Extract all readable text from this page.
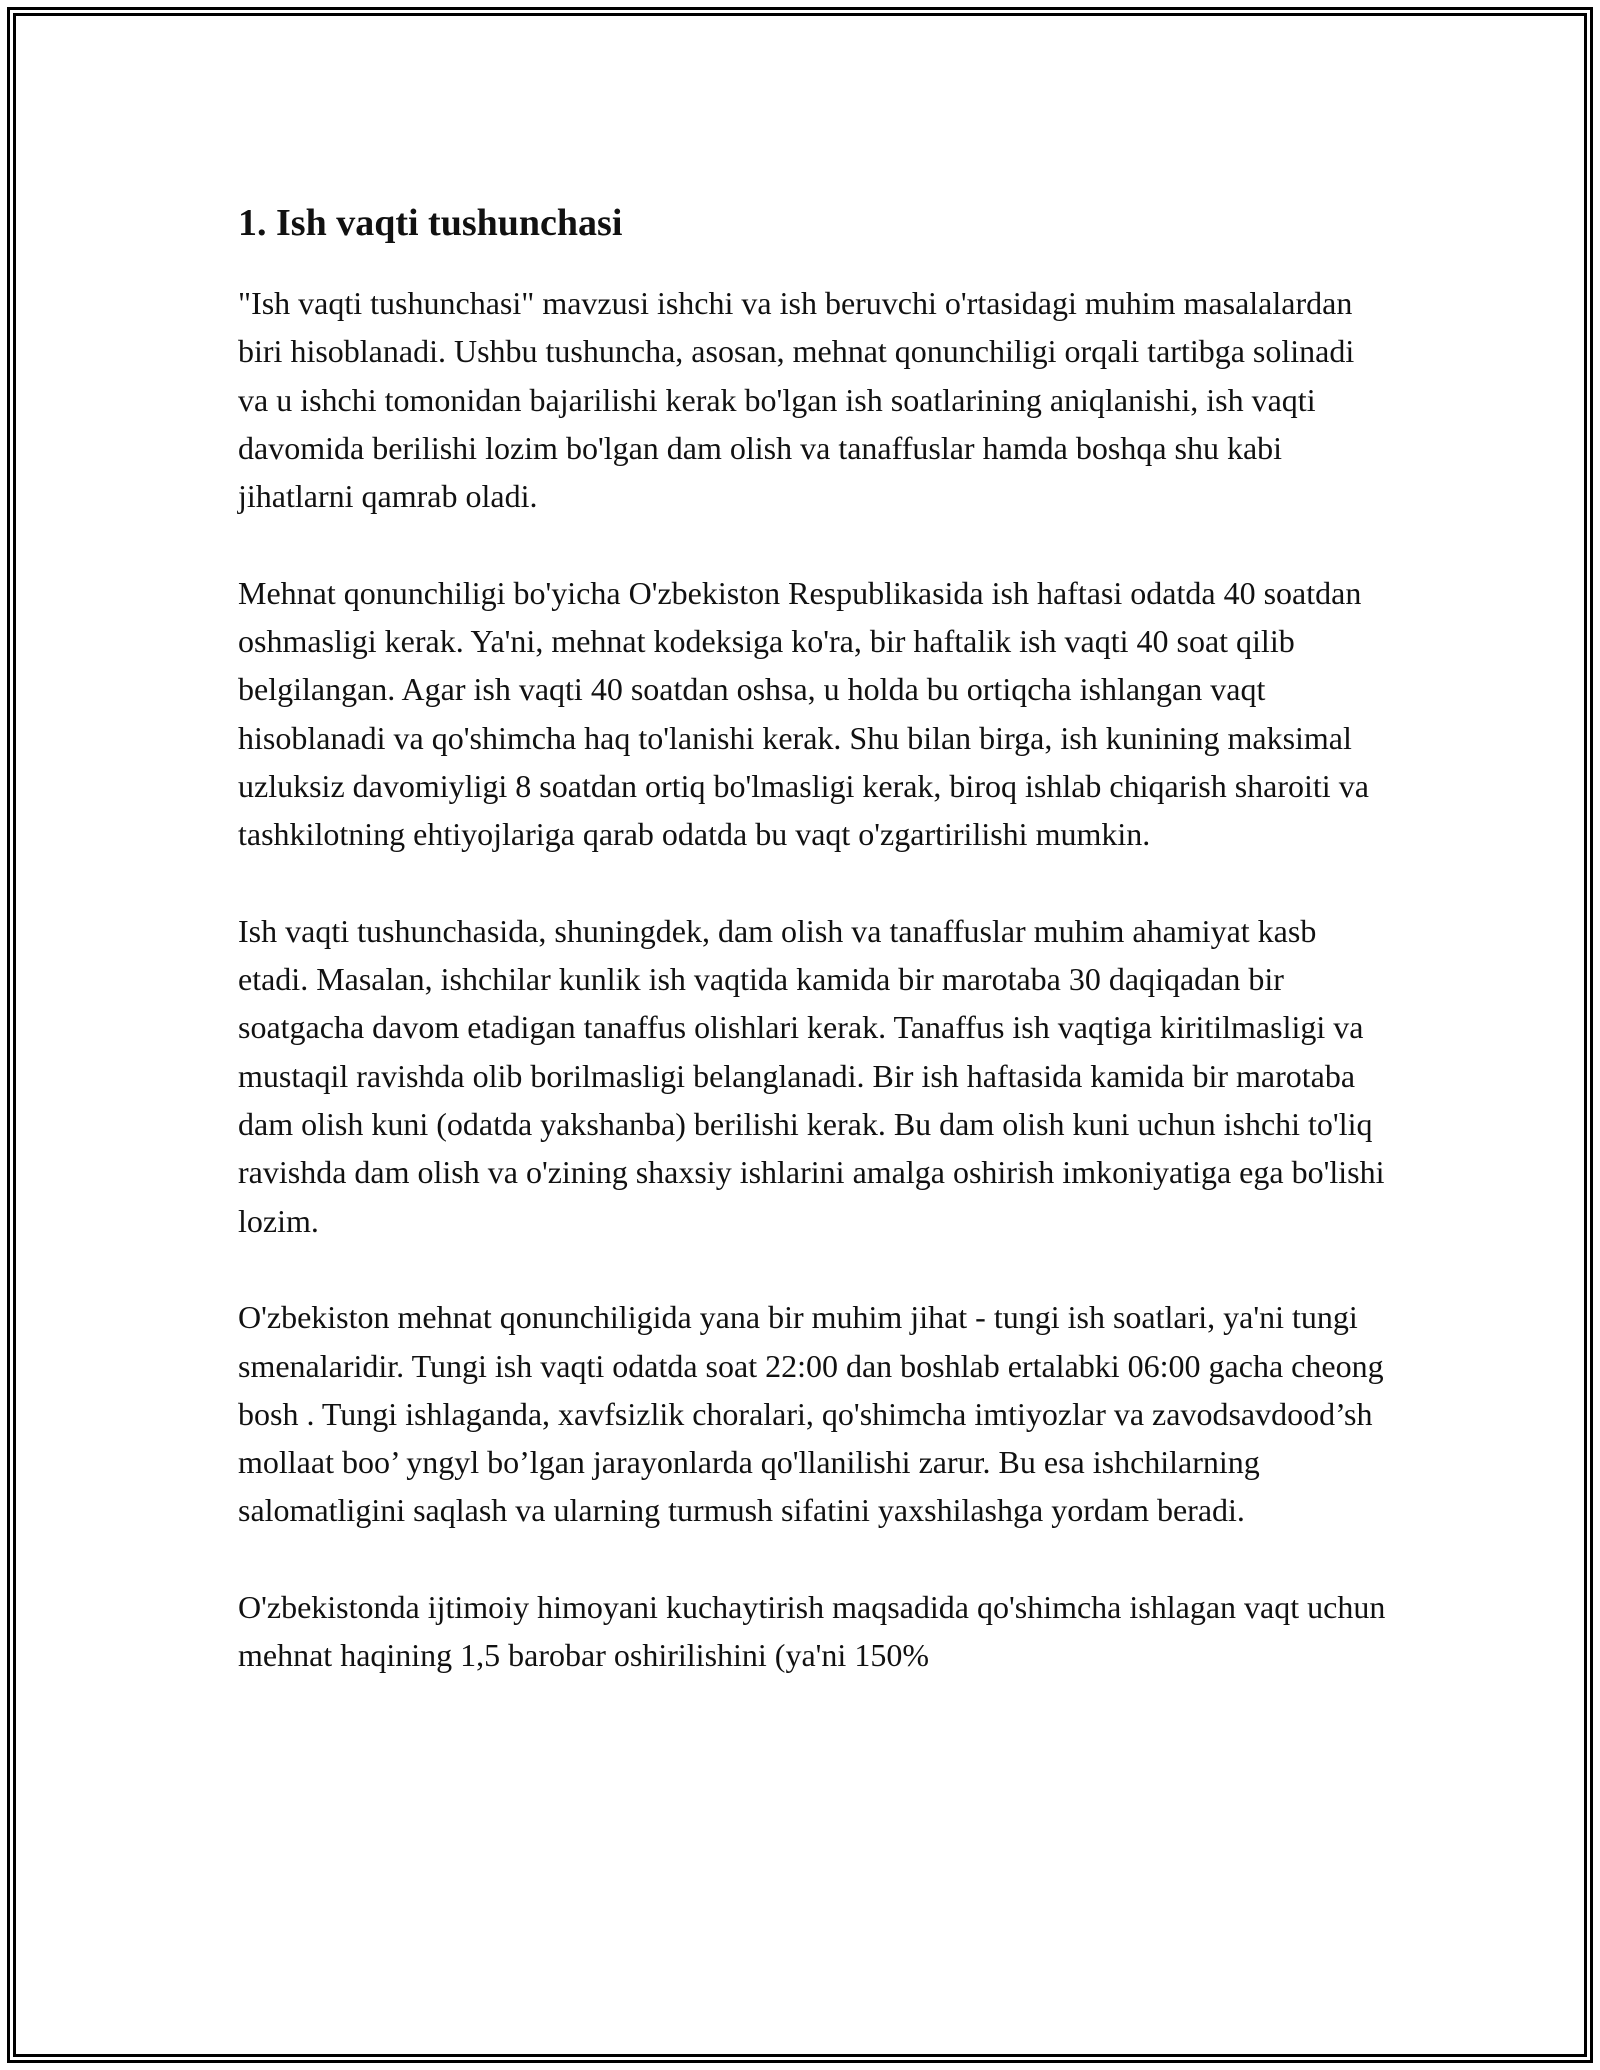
1. Ish vaqti tushunchasi

"Ish vaqti tushunchasi" mavzusi ishchi va ish beruvchi o'rtasidagi muhim masalalardan biri hisoblanadi. Ushbu tushuncha, asosan, mehnat qonunchiligi orqali tartibga solinadi va u ishchi tomonidan bajarilishi kerak bo'lgan ish soatlarining aniqlanishi, ish vaqti davomida berilishi lozim bo'lgan dam olish va tanaffuslar hamda boshqa shu kabi jihatlarni qamrab oladi.

Mehnat qonunchiligi bo'yicha O'zbekiston Respublikasida ish haftasi odatda 40 soatdan oshmasligi kerak. Ya'ni, mehnat kodeksiga ko'ra, bir haftalik ish vaqti 40 soat qilib belgilangan. Agar ish vaqti 40 soatdan oshsa, u holda bu ortiqcha ishlangan vaqt hisoblanadi va qo'shimcha haq to'lanishi kerak. Shu bilan birga, ish kunining maksimal uzluksiz davomiyligi 8 soatdan ortiq bo'lmasligi kerak, biroq ishlab chiqarish sharoiti va tashkilotning ehtiyojlariga qarab odatda bu vaqt o'zgartirilishi mumkin.

Ish vaqti tushunchasida, shuningdek, dam olish va tanaffuslar muhim ahamiyat kasb etadi. Masalan, ishchilar kunlik ish vaqtida kamida bir marotaba 30 daqiqadan bir soatgacha davom etadigan tanaffus olishlari kerak. Tanaffus ish vaqtiga kiritilmasligi va mustaqil ravishda olib borilmasligi belanglanadi. Bir ish haftasida kamida bir marotaba dam olish kuni (odatda yakshanba) berilishi kerak. Bu dam olish kuni uchun ishchi to'liq ravishda dam olish va o'zining shaxsiy ishlarini amalga oshirish imkoniyatiga ega bo'lishi lozim.

O'zbekiston mehnat qonunchiligida yana bir muhim jihat - tungi ish soatlari, ya'ni tungi smenalaridir. Tungi ish vaqti odatda soat 22:00 dan boshlab ertalabki 06:00 gacha cheong bosh . Tungi ishlaganda, xavfsizlik choralari, qo'shimcha imtiyozlar va zavodsavdood’sh mollaat boo’ yngyl bo’lgan jarayonlarda qo'llanilishi zarur. Bu esa ishchilarning salomatligini saqlash va ularning turmush sifatini yaxshilashga yordam beradi.

O'zbekistonda ijtimoiy himoyani kuchaytirish maqsadida qo'shimcha ishlagan vaqt uchun mehnat haqining 1,5 barobar oshirilishini (ya'ni 150%
